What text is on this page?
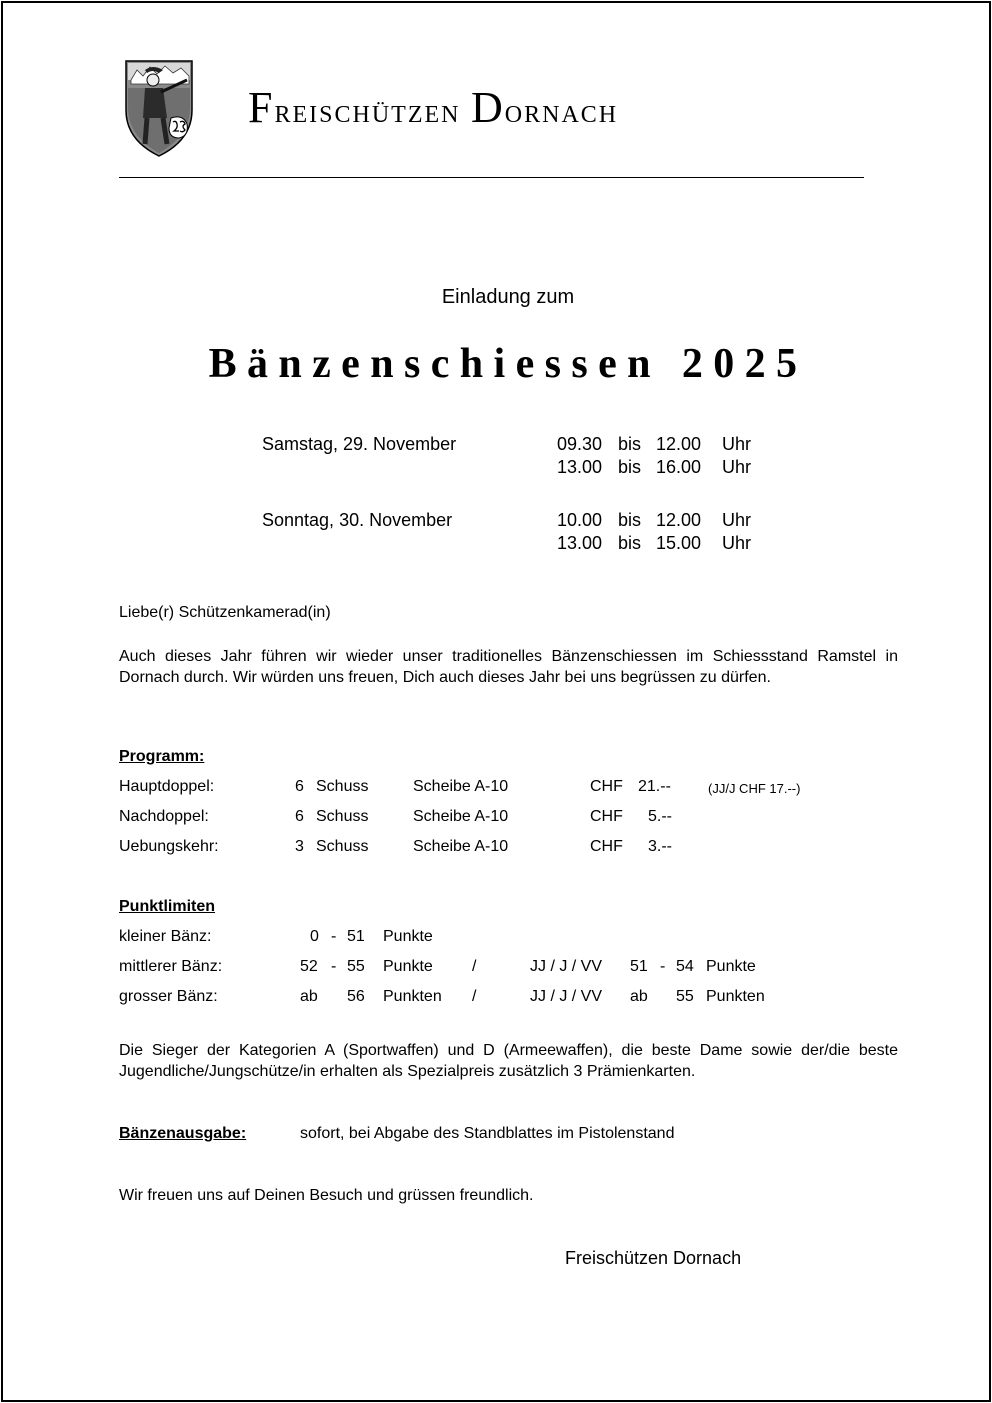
Freischützen Dornach
Einladung zum
Bänzenschiessen 2025
Samstag, 29. November	09.30 bis 12.00 Uhr
13.00 bis 16.00 Uhr
Sonntag, 30. November	10.00 bis 12.00 Uhr
13.00 bis 15.00 Uhr
Liebe(r) Schützenkamerad(in)
Auch dieses Jahr führen wir wieder unser traditionelles Bänzenschiessen im Schiessstand Ramstel in Dornach durch. Wir würden uns freuen, Dich auch dieses Jahr bei uns begrüssen zu dürfen.
Programm:
Hauptdoppel:	6 Schuss	Scheibe A-10	CHF 21.--	(JJ/J CHF 17.--)
Nachdoppel:	6 Schuss	Scheibe A-10	CHF 5.--
Uebungskehr:	3 Schuss	Scheibe A-10	CHF 3.--
Punktlimiten
kleiner Bänz:	0 - 51 Punkte
mittlerer Bänz:	52 - 55 Punkte /	JJ / J / VV 51 - 54 Punkte
grosser Bänz:	ab 56 Punkten /	JJ / J / VV ab 55 Punkten
Die Sieger der Kategorien A (Sportwaffen) und D (Armeewaffen), die beste Dame sowie der/die beste Jugendliche/Jungschütze/in erhalten als Spezialpreis zusätzlich 3 Prämienkarten.
Bänzenausgabe:	sofort, bei Abgabe des Standblattes im Pistolenstand
Wir freuen uns auf Deinen Besuch und grüssen freundlich.
Freischützen Dornach
